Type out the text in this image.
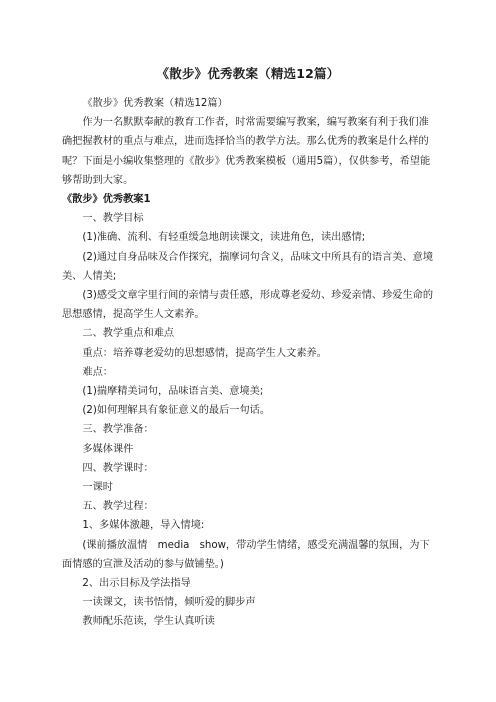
《散步》优秀教案（精选12篇）

《散步》优秀教案（精选12篇）

作为一名默默奉献的教育工作者，时常需要编写教案，编写教案有利于我们准确把握教材的重点与难点，进而选择恰当的教学方法。那么优秀的教案是什么样的呢？下面是小编收集整理的《散步》优秀教案模板（通用5篇），仅供参考，希望能够帮助到大家。

《散步》优秀教案1

一、教学目标

(1)准确、流利、有轻重缓急地朗读课文，读进角色，读出感情;

(2)通过自身品味及合作探究，揣摩词句含义，品味文中所具有的语言美、意境美、人情美;

(3)感受文章字里行间的亲情与责任感，形成尊老爱幼、珍爱亲情、珍爱生命的思想感情，提高学生人文素养。

二、教学重点和难点

重点：培养尊老爱幼的思想感情，提高学生人文素养。

难点：

(1)揣摩精美词句，品味语言美、意境美;

(2)如何理解具有象征意义的最后一句话。

三、教学准备：

多媒体课件

四、教学课时：

一课时

五、教学过程：

1、多媒体激趣，导入情境:

(课前播放温情　media　show，带动学生情绪，感受充满温馨的氛围，为下面情感的宣泄及活动的参与做铺垫。)

2、出示目标及学法指导

一读课文，读书悟情，倾听爱的脚步声

教师配乐范读，学生认真听读
